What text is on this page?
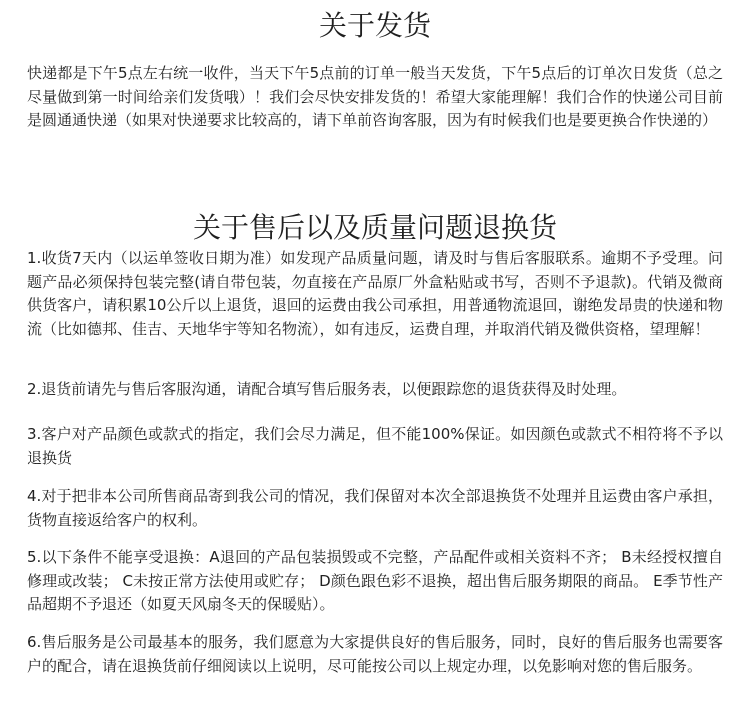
关于发货

快递都是下午5点左右统一收件，当天下午5点前的订单一般当天发货，下午5点后的订单次日发货（总之尽量做到第一时间给亲们发货哦）！我们会尽快安排发货的！希望大家能理解！我们合作的快递公司目前是圆通通快递（如果对快递要求比较高的，请下单前咨询客服，因为有时候我们也是要更换合作快递的）

关于售后以及质量问题退换货

1.收货7天内（以运单签收日期为准）如发现产品质量问题，请及时与售后客服联系。逾期不予受理。问题产品必须保持包装完整(请自带包装，勿直接在产品原厂外盒粘贴或书写，否则不予退款)。代销及微商供货客户，请积累10公斤以上退货，退回的运费由我公司承担，用普通物流退回，谢绝发昂贵的快递和物流（比如德邦、佳吉、天地华宇等知名物流），如有违反，运费自理，并取消代销及微供资格，望理解！

2.退货前请先与售后客服沟通，请配合填写售后服务表，以便跟踪您的退货获得及时处理。

3.客户对产品颜色或款式的指定，我们会尽力满足，但不能100%保证。如因颜色或款式不相符将不予以退换货

4.对于把非本公司所售商品寄到我公司的情况，我们保留对本次全部退换货不处理并且运费由客户承担，货物直接返给客户的权利。

5.以下条件不能享受退换：A退回的产品包装损毁或不完整，产品配件或相关资料不齐； B未经授权擅自修理或改装； C未按正常方法使用或贮存； D颜色跟色彩不退换，超出售后服务期限的商品。 E季节性产品超期不予退还（如夏天风扇冬天的保暖贴）。

6.售后服务是公司最基本的服务，我们愿意为大家提供良好的售后服务，同时，良好的售后服务也需要客户的配合，请在退换货前仔细阅读以上说明，尽可能按公司以上规定办理，以免影响对您的售后服务。
